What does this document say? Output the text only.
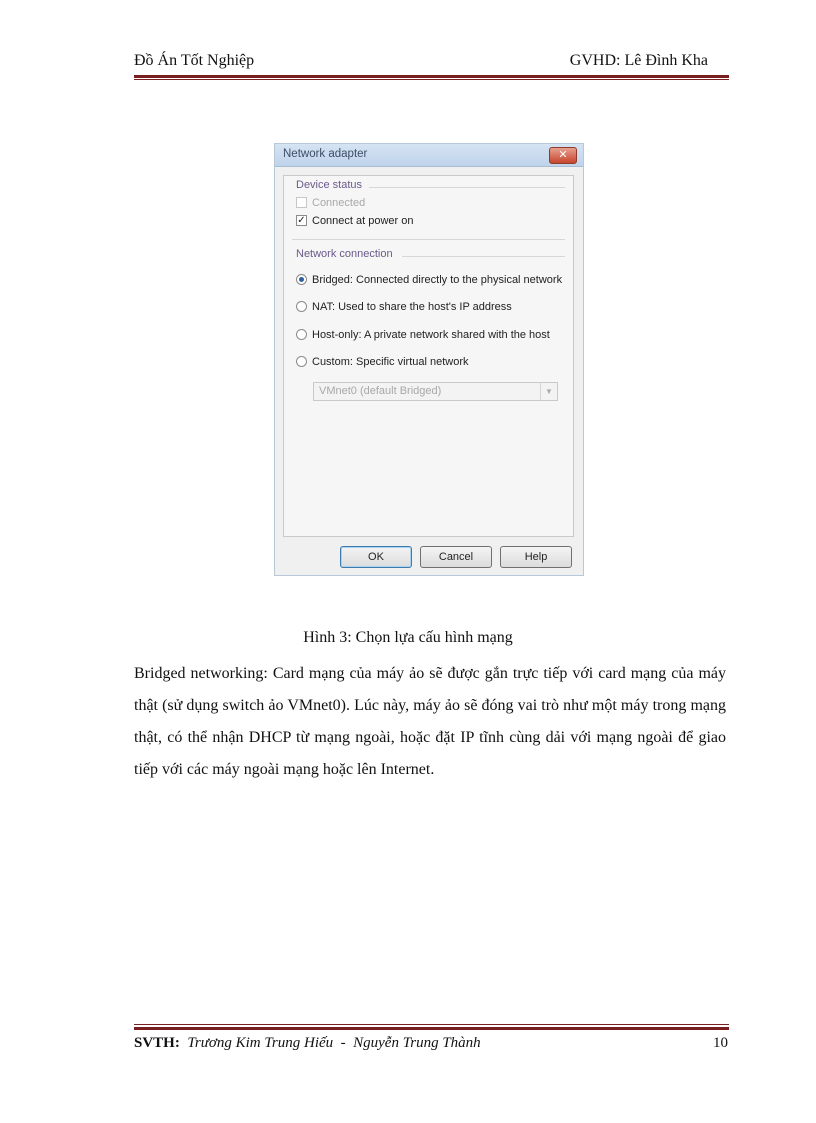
Đồ Án Tốt Nghiệp	GVHD: Lê Đình Kha
Network adapter	✕
Device status
Connected
✓ Connect at power on
Network connection
Bridged: Connected directly to the physical network
NAT: Used to share the host's IP address
Host-only: A private network shared with the host
Custom: Specific virtual network
VMnet0 (default Bridged)	▼
OK	Cancel	Help
Hình 3: Chọn lựa cấu hình mạng

Bridged networking: Card mạng của máy ảo sẽ được gắn trực tiếp với card mạng của máy thật (sử dụng switch ảo VMnet0). Lúc này, máy ảo sẽ đóng vai trò như một máy trong mạng thật, có thể nhận DHCP từ mạng ngoài, hoặc đặt IP tĩnh cùng dải với mạng ngoài để giao tiếp với các máy ngoài mạng hoặc lên Internet.

SVTH:  Trương Kim Trung Hiếu  -  Nguyễn Trung Thành	10
